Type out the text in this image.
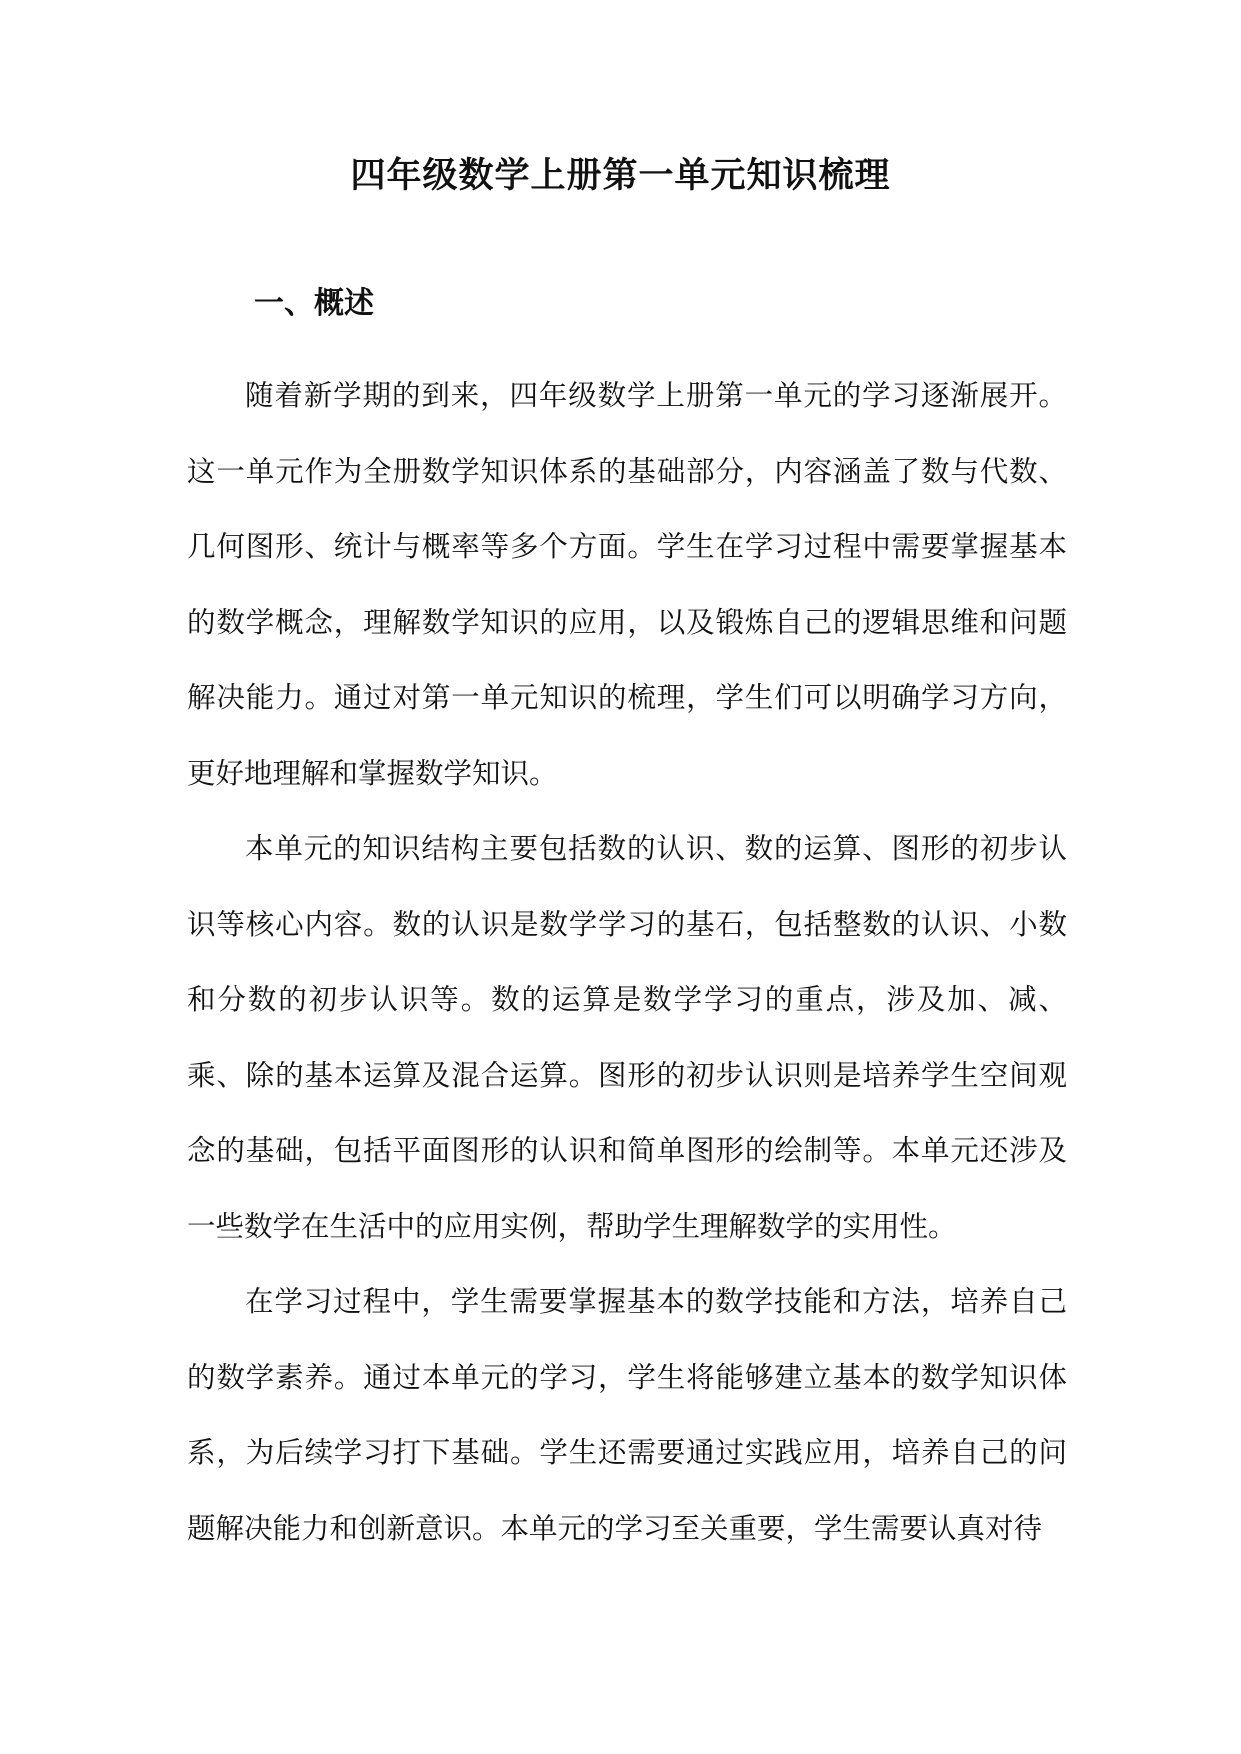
四年级数学上册第一单元知识梳理
一、概述

随着新学期的到来，四年级数学上册第一单元的学习逐渐展开。这一单元作为全册数学知识体系的基础部分，内容涵盖了数与代数、几何图形、统计与概率等多个方面。学生在学习过程中需要掌握基本的数学概念，理解数学知识的应用，以及锻炼自己的逻辑思维和问题解决能力。通过对第一单元知识的梳理，学生们可以明确学习方向，更好地理解和掌握数学知识。

本单元的知识结构主要包括数的认识、数的运算、图形的初步认识等核心内容。数的认识是数学学习的基石，包括整数的认识、小数和分数的初步认识等。数的运算是数学学习的重点，涉及加、减、乘、除的基本运算及混合运算。图形的初步认识则是培养学生空间观念的基础，包括平面图形的认识和简单图形的绘制等。本单元还涉及一些数学在生活中的应用实例，帮助学生理解数学的实用性。

在学习过程中，学生需要掌握基本的数学技能和方法，培养自己的数学素养。通过本单元的学习，学生将能够建立基本的数学知识体系，为后续学习打下基础。学生还需要通过实践应用，培养自己的问题解决能力和创新意识。本单元的学习至关重要，学生需要认真对待
